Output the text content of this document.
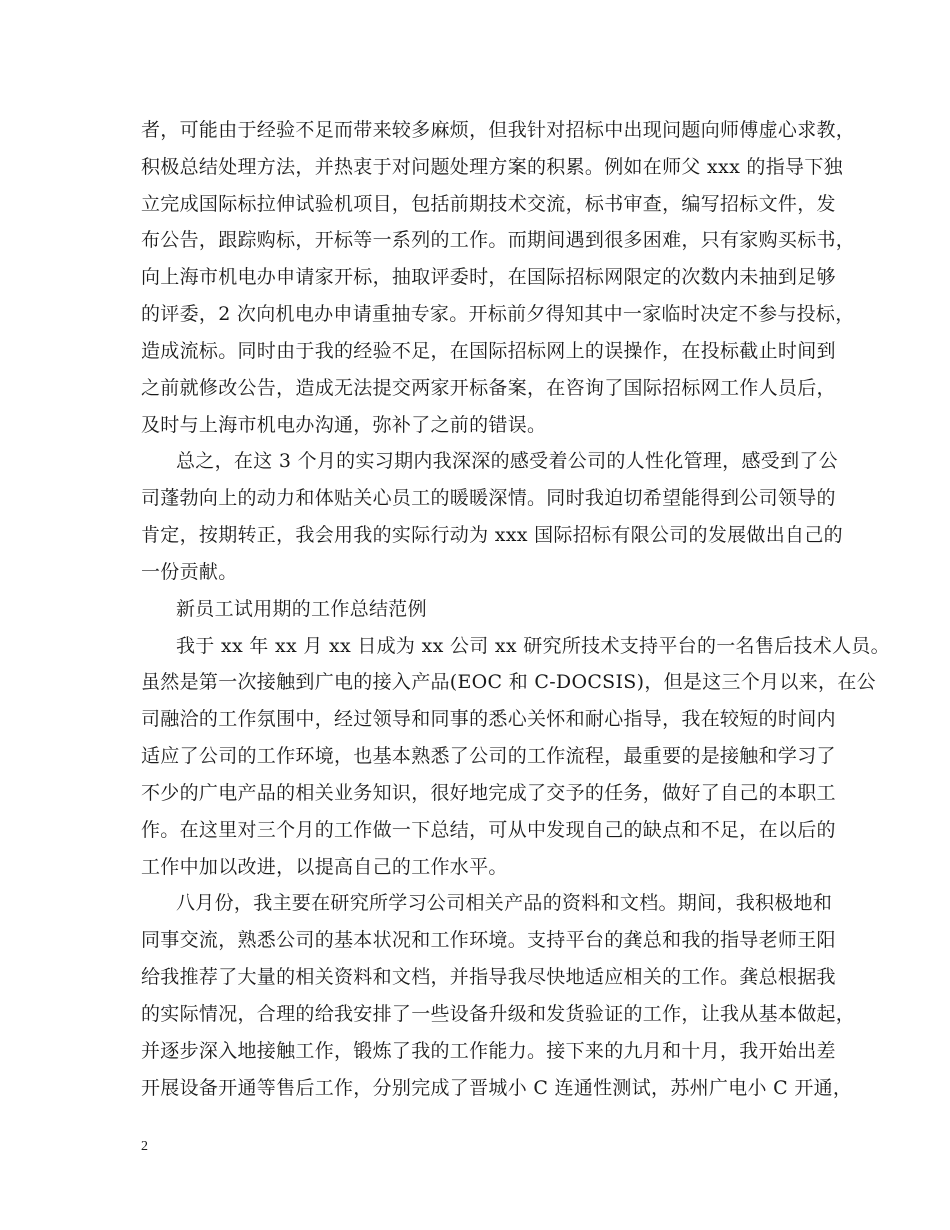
者，可能由于经验不足而带来较多麻烦，但我针对招标中出现问题向师傅虚心求教，
积极总结处理方法，并热衷于对问题处理方案的积累。例如在师父 xxx 的指导下独
立完成国际标拉伸试验机项目，包括前期技术交流，标书审查，编写招标文件，发
布公告，跟踪购标，开标等一系列的工作。而期间遇到很多困难，只有家购买标书，
向上海市机电办申请家开标，抽取评委时，在国际招标网限定的次数内未抽到足够
的评委，2 次向机电办申请重抽专家。开标前夕得知其中一家临时决定不参与投标，
造成流标。同时由于我的经验不足，在国际招标网上的误操作，在投标截止时间到
之前就修改公告，造成无法提交两家开标备案，在咨询了国际招标网工作人员后，
及时与上海市机电办沟通，弥补了之前的错误。
总之，在这 3 个月的实习期内我深深的感受着公司的人性化管理，感受到了公
司蓬勃向上的动力和体贴关心员工的暖暖深情。同时我迫切希望能得到公司领导的
肯定，按期转正，我会用我的实际行动为 xxx 国际招标有限公司的发展做出自己的
一份贡献。
新员工试用期的工作总结范例
我于 xx 年 xx 月 xx 日成为 xx 公司 xx 研究所技术支持平台的一名售后技术人员。
虽然是第一次接触到广电的接入产品(EOC 和 C-DOCSIS)，但是这三个月以来，在公
司融洽的工作氛围中，经过领导和同事的悉心关怀和耐心指导，我在较短的时间内
适应了公司的工作环境，也基本熟悉了公司的工作流程，最重要的是接触和学习了
不少的广电产品的相关业务知识，很好地完成了交予的任务，做好了自己的本职工
作。在这里对三个月的工作做一下总结，可从中发现自己的缺点和不足，在以后的
工作中加以改进，以提高自己的工作水平。
八月份，我主要在研究所学习公司相关产品的资料和文档。期间，我积极地和
同事交流，熟悉公司的基本状况和工作环境。支持平台的龚总和我的指导老师王阳
给我推荐了大量的相关资料和文档，并指导我尽快地适应相关的工作。龚总根据我
的实际情况，合理的给我安排了一些设备升级和发货验证的工作，让我从基本做起，
并逐步深入地接触工作，锻炼了我的工作能力。接下来的九月和十月，我开始出差
开展设备开通等售后工作，分别完成了晋城小 C 连通性测试，苏州广电小 C 开通，
2
